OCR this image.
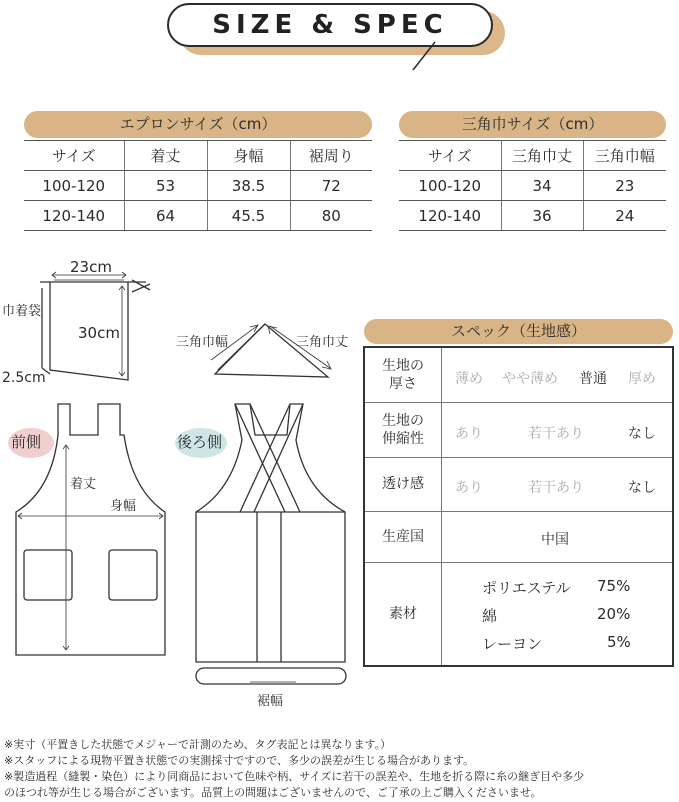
SIZE & SPEC
エプロンサイズ（cm）
サイズ	着丈	身幅	裾周り
100-120	53	38.5	72
120-140	64	45.5	80
三角巾サイズ（cm）
サイズ	三角巾丈	三角巾幅
100-120	34	23
120-140	36	24
巾着袋
23cm
30cm
2.5cm
三角巾幅	三角巾丈
前側	後ろ側
着丈
身幅
裾幅
スペック（生地感）
生地の
厚さ	薄め やや薄め 普通 厚め
生地の
伸縮性 あり	若干あり	なし
透け感	あり	若干あり	なし
生産国	中国
素材
ポリエステル 75%
綿	20%
レーヨン	5%

※実寸（平置きした状態でメジャーで計測のため、タグ表記とは異なります。）

※スタッフによる現物平置き状態での実測採寸ですので、多少の誤差が生じる場合があります。

※製造過程（縫製・染色）により同商品において色味や柄、サイズに若干の誤差や、生地を折る際に糸の継ぎ目や多少

のほつれ等が生じる場合がございます。品質上の問題はございませんので、ご了承の上ご購入くださいませ。
